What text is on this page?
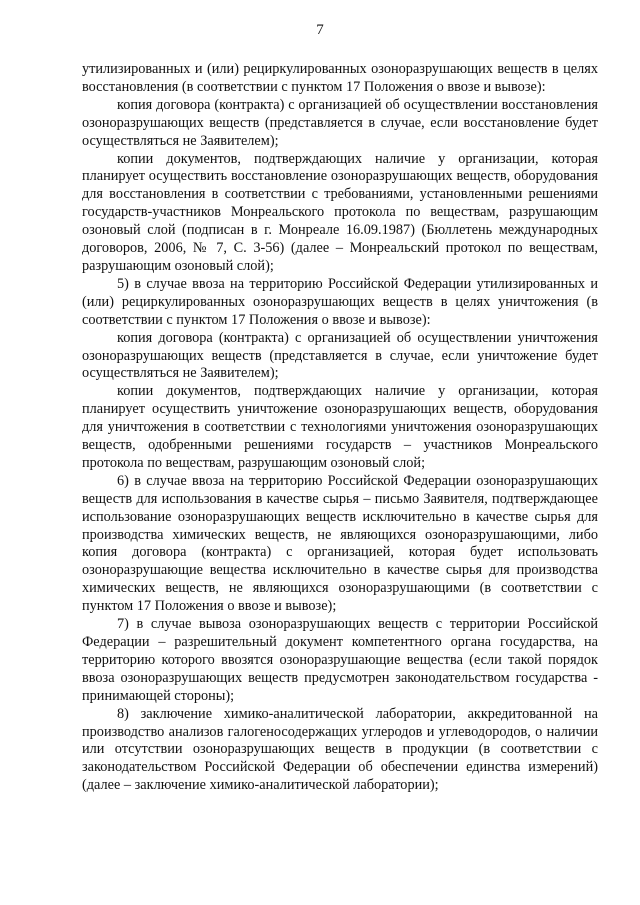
7

утилизированных и (или) рециркулированных озоноразрушающих веществ в целях восстановления (в соответствии с пунктом 17 Положения о ввозе и вывозе):

копия договора (контракта) с организацией об осуществлении восстановления озоноразрушающих веществ (представляется в случае, если восстановление будет осуществляться не Заявителем);

копии документов, подтверждающих наличие у организации, которая планирует осуществить восстановление озоноразрушающих веществ, оборудования для восстановления в соответствии с требованиями, установленными решениями государств-участников Монреальского протокола по веществам, разрушающим озоновый слой (подписан в г. Монреале 16.09.1987) (Бюллетень международных договоров, 2006, № 7, С. 3-56) (далее – Монреальский протокол по веществам, разрушающим озоновый слой);

5) в случае ввоза на территорию Российской Федерации утилизированных и (или) рециркулированных озоноразрушающих веществ в целях уничтожения (в соответствии с пунктом 17 Положения о ввозе и вывозе):

копия договора (контракта) с организацией об осуществлении уничтожения озоноразрушающих веществ (представляется в случае, если уничтожение будет осуществляться не Заявителем);

копии документов, подтверждающих наличие у организации, которая планирует осуществить уничтожение озоноразрушающих веществ, оборудования для уничтожения в соответствии с технологиями уничтожения озоноразрушающих веществ, одобренными решениями государств – участников Монреальского протокола по веществам, разрушающим озоновый слой;

6) в случае ввоза на территорию Российской Федерации озоноразрушающих веществ для использования в качестве сырья – письмо Заявителя, подтверждающее использование озоноразрушающих веществ исключительно в качестве сырья для производства химических веществ, не являющихся озоноразрушающими, либо копия договора (контракта) с организацией, которая будет использовать озоноразрушающие вещества исключительно в качестве сырья для производства химических веществ, не являющихся озоноразрушающими (в соответствии с пунктом 17 Положения о ввозе и вывозе);

7) в случае вывоза озоноразрушающих веществ с территории Российской Федерации – разрешительный документ компетентного органа государства, на территорию которого ввозятся озоноразрушающие вещества (если такой порядок ввоза озоноразрушающих веществ предусмотрен законодательством государства - принимающей стороны);

8) заключение химико-аналитической лаборатории, аккредитованной на производство анализов галогеносодержащих углеродов и углеводородов, о наличии или отсутствии озоноразрушающих веществ в продукции (в соответствии с законодательством Российской Федерации об обеспечении единства измерений) (далее – заключение химико-аналитической лаборатории);
